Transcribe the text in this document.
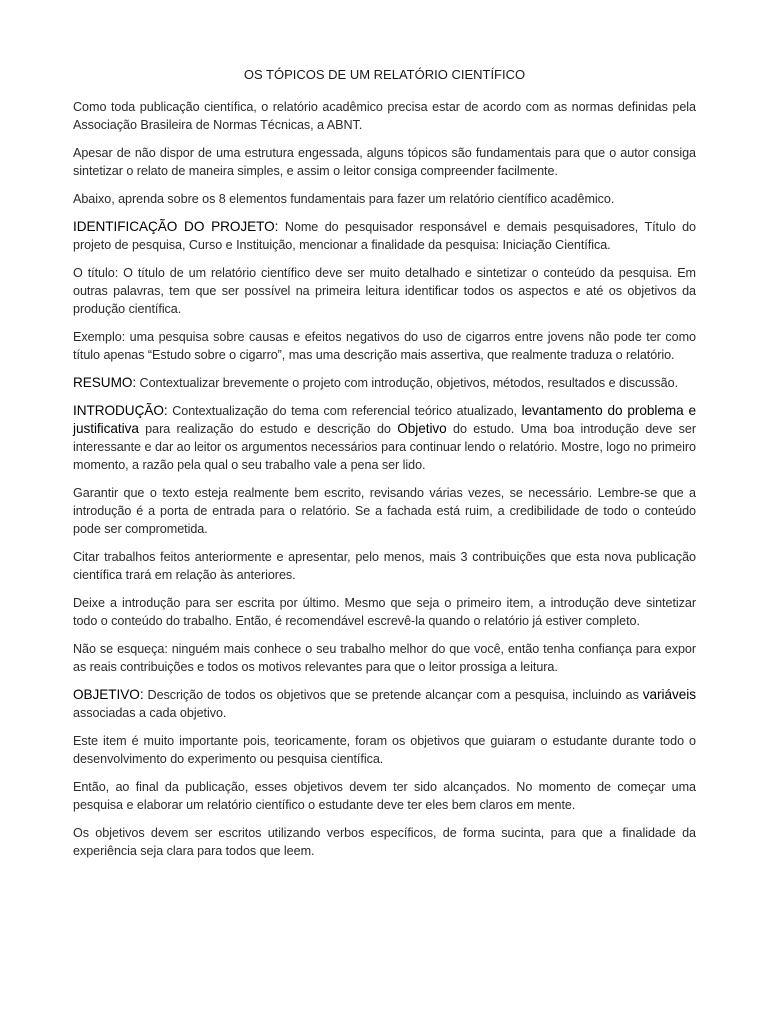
OS TÓPICOS DE UM RELATÓRIO CIENTÍFICO

Como toda publicação científica, o relatório acadêmico precisa estar de acordo com as normas definidas pela Associação Brasileira de Normas Técnicas, a ABNT.

Apesar de não dispor de uma estrutura engessada, alguns tópicos são fundamentais para que o autor consiga sintetizar o relato de maneira simples, e assim o leitor consiga compreender facilmente.

Abaixo, aprenda sobre os 8 elementos fundamentais para fazer um relatório científico acadêmico.

IDENTIFICAÇÃO DO PROJETO: Nome do pesquisador responsável e demais pesquisadores, Título do projeto de pesquisa, Curso e Instituição, mencionar a finalidade da pesquisa: Iniciação Científica.

O título: O título de um relatório científico deve ser muito detalhado e sintetizar o conteúdo da pesquisa. Em outras palavras, tem que ser possível na primeira leitura identificar todos os aspectos e até os objetivos da produção científica.

Exemplo: uma pesquisa sobre causas e efeitos negativos do uso de cigarros entre jovens não pode ter como título apenas “Estudo sobre o cigarro”, mas uma descrição mais assertiva, que realmente traduza o relatório.

RESUMO: Contextualizar brevemente o projeto com introdução, objetivos, métodos, resultados e discussão.

INTRODUÇÃO: Contextualização do tema com referencial teórico atualizado, levantamento do problema e justificativa para realização do estudo e descrição do Objetivo do estudo. Uma boa introdução deve ser interessante e dar ao leitor os argumentos necessários para continuar lendo o relatório. Mostre, logo no primeiro momento, a razão pela qual o seu trabalho vale a pena ser lido.

Garantir que o texto esteja realmente bem escrito, revisando várias vezes, se necessário. Lembre-se que a introdução é a porta de entrada para o relatório. Se a fachada está ruim, a credibilidade de todo o conteúdo pode ser comprometida.

Citar trabalhos feitos anteriormente e apresentar, pelo menos, mais 3 contribuições que esta nova publicação científica trará em relação às anteriores.

Deixe a introdução para ser escrita por último. Mesmo que seja o primeiro item, a introdução deve sintetizar todo o conteúdo do trabalho. Então, é recomendável escrevê-la quando o relatório já estiver completo.

Não se esqueça: ninguém mais conhece o seu trabalho melhor do que você, então tenha confiança para expor as reais contribuições e todos os motivos relevantes para que o leitor prossiga a leitura.

OBJETIVO: Descrição de todos os objetivos que se pretende alcançar com a pesquisa, incluindo as variáveis associadas a cada objetivo.

Este item é muito importante pois, teoricamente, foram os objetivos que guiaram o estudante durante todo o desenvolvimento do experimento ou pesquisa científica.

Então, ao final da publicação, esses objetivos devem ter sido alcançados. No momento de começar uma pesquisa e elaborar um relatório científico o estudante deve ter eles bem claros em mente.

Os objetivos devem ser escritos utilizando verbos específicos, de forma sucinta, para que a finalidade da experiência seja clara para todos que leem.
